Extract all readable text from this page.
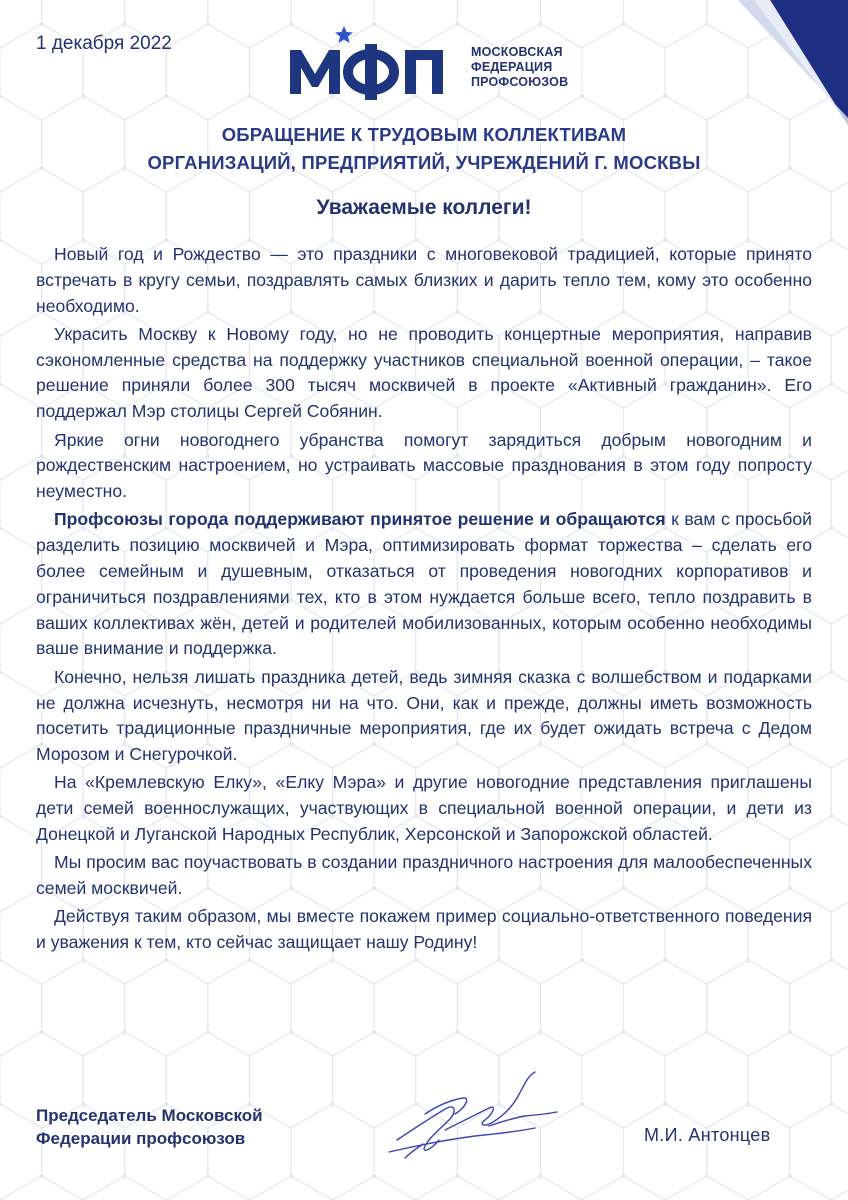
1 декабря 2022	МОСКОВСКАЯ
ФЕДЕРАЦИЯ
ПРОФСОЮЗОВ
ОБРАЩЕНИЕ К ТРУДОВЫМ КОЛЛЕКТИВАМ
ОРГАНИЗАЦИЙ, ПРЕДПРИЯТИЙ, УЧРЕЖДЕНИЙ Г. МОСКВЫ
Уважаемые коллеги!

Новый год и Рождество — это праздники с многовековой традицией, которые принято встречать в кругу семьи, поздравлять самых близких и дарить тепло тем, кому это особенно необходимо.

Украсить Москву к Новому году, но не проводить концертные мероприятия, направив сэкономленные средства на поддержку участников специальной военной операции, – такое решение приняли более 300 тысяч москвичей в проекте «Активный гражданин». Его поддержал Мэр столицы Сергей Собянин.

Яркие огни новогоднего убранства помогут зарядиться добрым новогодним и рождественским настроением, но устраивать массовые празднования в этом году попросту неуместно.

Профсоюзы города поддерживают принятое решение и обращаются к вам с просьбой разделить позицию москвичей и Мэра, оптимизировать формат торжества – сделать его более семейным и душевным, отказаться от проведения новогодних корпоративов и ограничиться поздравлениями тех, кто в этом нуждается больше всего, тепло поздравить в ваших коллективах жён, детей и родителей мобилизованных, которым особенно необходимы ваше внимание и поддержка.

Конечно, нельзя лишать праздника детей, ведь зимняя сказка с волшебством и подарками не должна исчезнуть, несмотря ни на что. Они, как и прежде, должны иметь возможность посетить традиционные праздничные мероприятия, где их будет ожидать встреча с Дедом Морозом и Снегурочкой.

На «Кремлевскую Елку», «Елку Мэра» и другие новогодние представления приглашены дети семей военнослужащих, участвующих в специальной военной операции, и дети из Донецкой и Луганской Народных Республик, Херсонской и Запорожской областей.

Мы просим вас поучаствовать в создании праздничного настроения для малообеспеченных семей москвичей.

Действуя таким образом, мы вместе покажем пример социально-ответственного поведения и уважения к тем, кто сейчас защищает нашу Родину!

Председатель Московской
Федерации профсоюзов	М.И. Антонцев
